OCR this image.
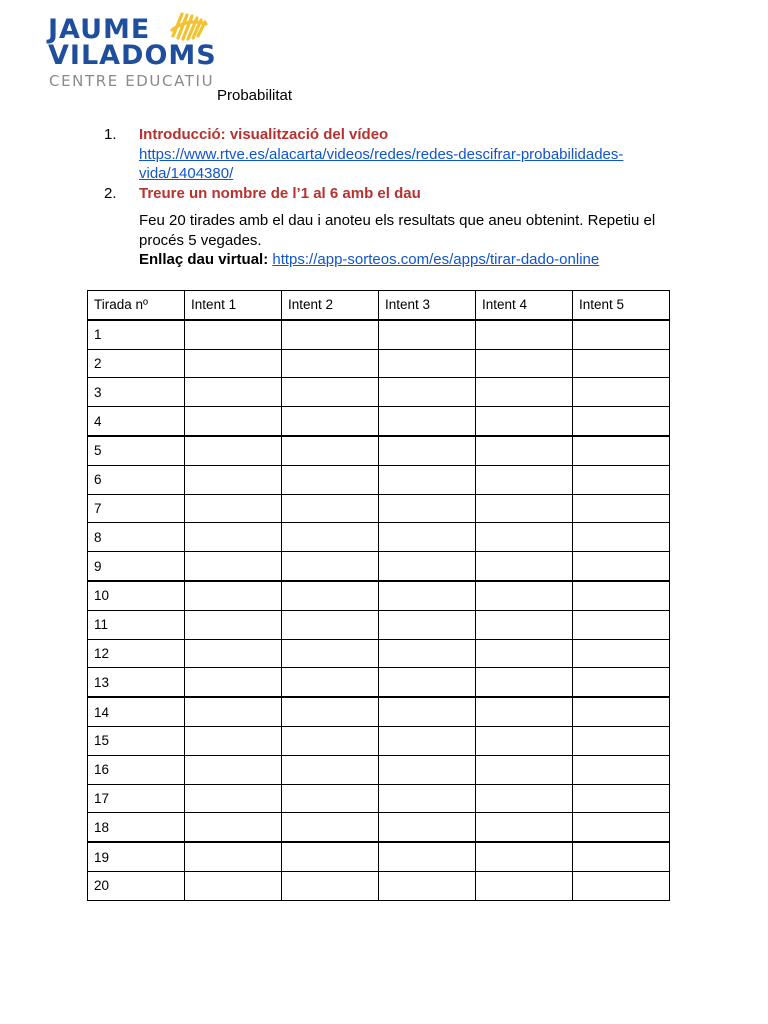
JAUME
VILADOMS
CENTRE EDUCATIU
Probabilitat
1. Introducció: visualització del vídeo
https://www.rtve.es/alacarta/videos/redes/redes-descifrar-probabilidades-
vida/1404380/
2. Treure un nombre de l’1 al 6 amb el dau
Feu 20 tirades amb el dau i anoteu els resultats que aneu obtenint. Repetiu el
procés 5 vegades.
Enllaç dau virtual: https://app-sorteos.com/es/apps/tirar-dado-online
Tirada nº	Intent 1	Intent 2	Intent 3	Intent 4	Intent 5
1					
2					
3					
4					
5					
6					
7					
8					
9					
10					
11					
12					
13					
14					
15					
16					
17					
18					
19					
20					
